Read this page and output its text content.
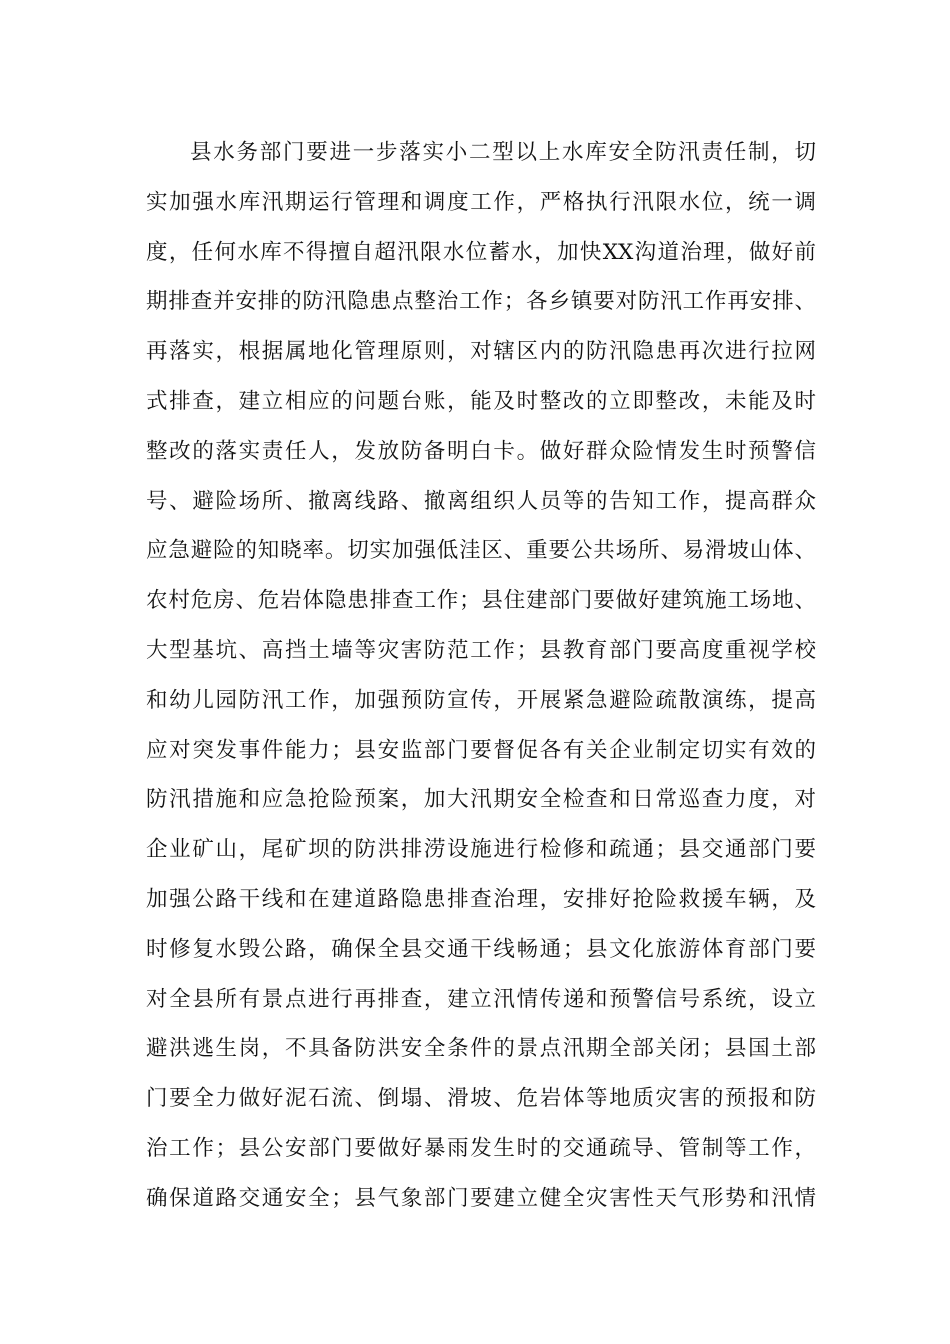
县水务部门要进一步落实小二型以上水库安全防汛责任制，切
实加强水库汛期运行管理和调度工作，严格执行汛限水位，统一调
度，任何水库不得擅自超汛限水位蓄水，加快XX沟道治理，做好前
期排查并安排的防汛隐患点整治工作；各乡镇要对防汛工作再安排、
再落实，根据属地化管理原则，对辖区内的防汛隐患再次进行拉网
式排查，建立相应的问题台账，能及时整改的立即整改，未能及时
整改的落实责任人，发放防备明白卡。做好群众险情发生时预警信
号、避险场所、撤离线路、撤离组织人员等的告知工作，提高群众
应急避险的知晓率。切实加强低洼区、重要公共场所、易滑坡山体、
农村危房、危岩体隐患排查工作；县住建部门要做好建筑施工场地、
大型基坑、高挡土墙等灾害防范工作；县教育部门要高度重视学校
和幼儿园防汛工作，加强预防宣传，开展紧急避险疏散演练，提高
应对突发事件能力；县安监部门要督促各有关企业制定切实有效的
防汛措施和应急抢险预案，加大汛期安全检查和日常巡查力度，对
企业矿山，尾矿坝的防洪排涝设施进行检修和疏通；县交通部门要
加强公路干线和在建道路隐患排查治理，安排好抢险救援车辆，及
时修复水毁公路，确保全县交通干线畅通；县文化旅游体育部门要
对全县所有景点进行再排查，建立汛情传递和预警信号系统，设立
避洪逃生岗，不具备防洪安全条件的景点汛期全部关闭；县国土部
门要全力做好泥石流、倒塌、滑坡、危岩体等地质灾害的预报和防
治工作；县公安部门要做好暴雨发生时的交通疏导、管制等工作，
确保道路交通安全；县气象部门要建立健全灾害性天气形势和汛情
